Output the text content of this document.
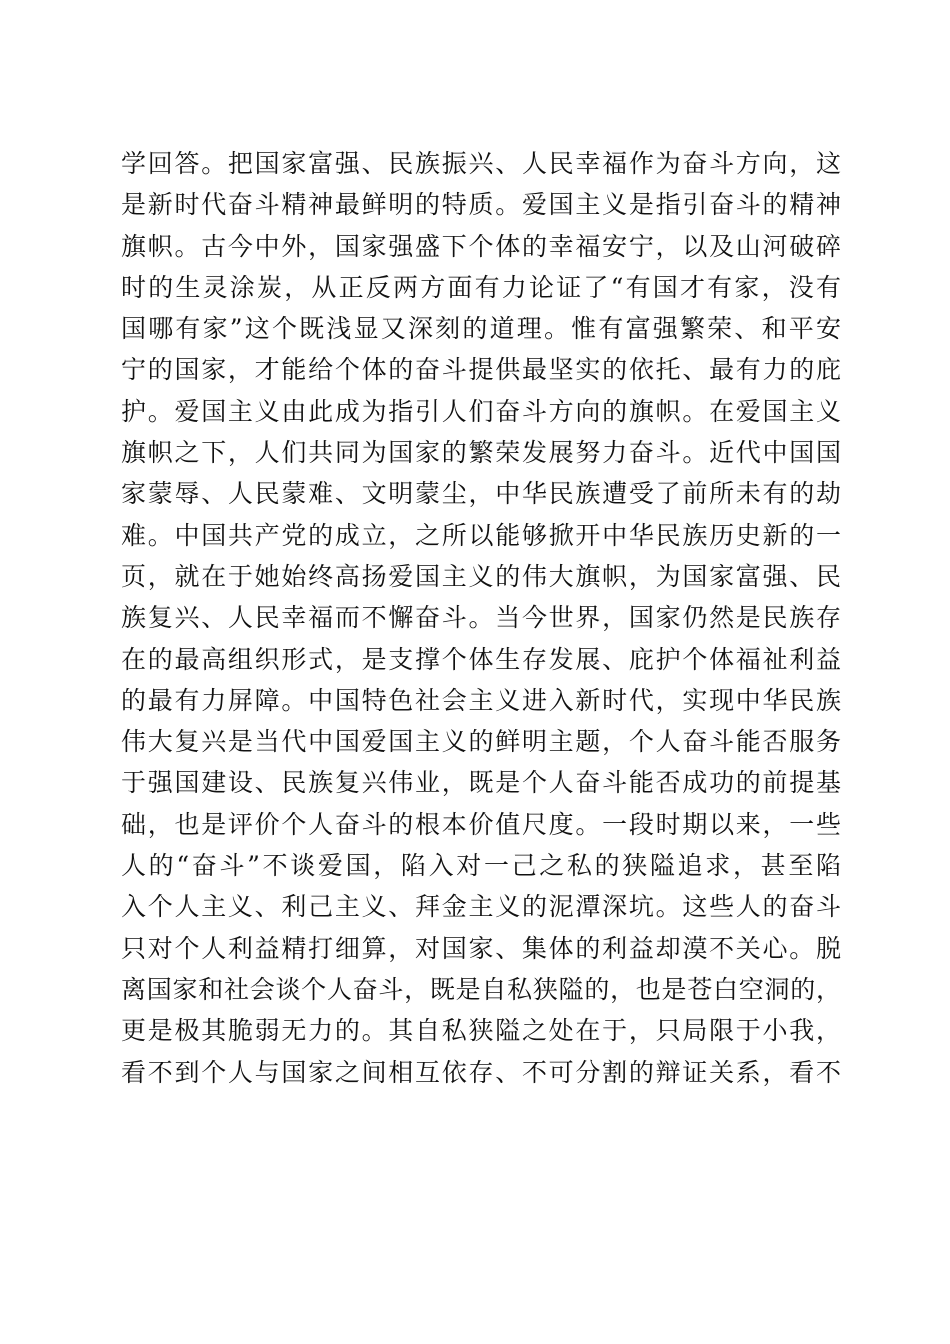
学回答。把国家富强、民族振兴、人民幸福作为奋斗方向，这
是新时代奋斗精神最鲜明的特质。爱国主义是指引奋斗的精神
旗帜。古今中外，国家强盛下个体的幸福安宁，以及山河破碎
时的生灵涂炭，从正反两方面有力论证了“有国才有家，没有
国哪有家”这个既浅显又深刻的道理。惟有富强繁荣、和平安
宁的国家，才能给个体的奋斗提供最坚实的依托、最有力的庇
护。爱国主义由此成为指引人们奋斗方向的旗帜。在爱国主义
旗帜之下，人们共同为国家的繁荣发展努力奋斗。近代中国国
家蒙辱、人民蒙难、文明蒙尘，中华民族遭受了前所未有的劫
难。中国共产党的成立，之所以能够掀开中华民族历史新的一
页，就在于她始终高扬爱国主义的伟大旗帜，为国家富强、民
族复兴、人民幸福而不懈奋斗。当今世界，国家仍然是民族存
在的最高组织形式，是支撑个体生存发展、庇护个体福祉利益
的最有力屏障。中国特色社会主义进入新时代，实现中华民族
伟大复兴是当代中国爱国主义的鲜明主题，个人奋斗能否服务
于强国建设、民族复兴伟业，既是个人奋斗能否成功的前提基
础，也是评价个人奋斗的根本价值尺度。一段时期以来，一些
人的“奋斗”不谈爱国，陷入对一己之私的狭隘追求，甚至陷
入个人主义、利己主义、拜金主义的泥潭深坑。这些人的奋斗
只对个人利益精打细算，对国家、集体的利益却漠不关心。脱
离国家和社会谈个人奋斗，既是自私狭隘的，也是苍白空洞的，
更是极其脆弱无力的。其自私狭隘之处在于，只局限于小我，
看不到个人与国家之间相互依存、不可分割的辩证关系，看不
